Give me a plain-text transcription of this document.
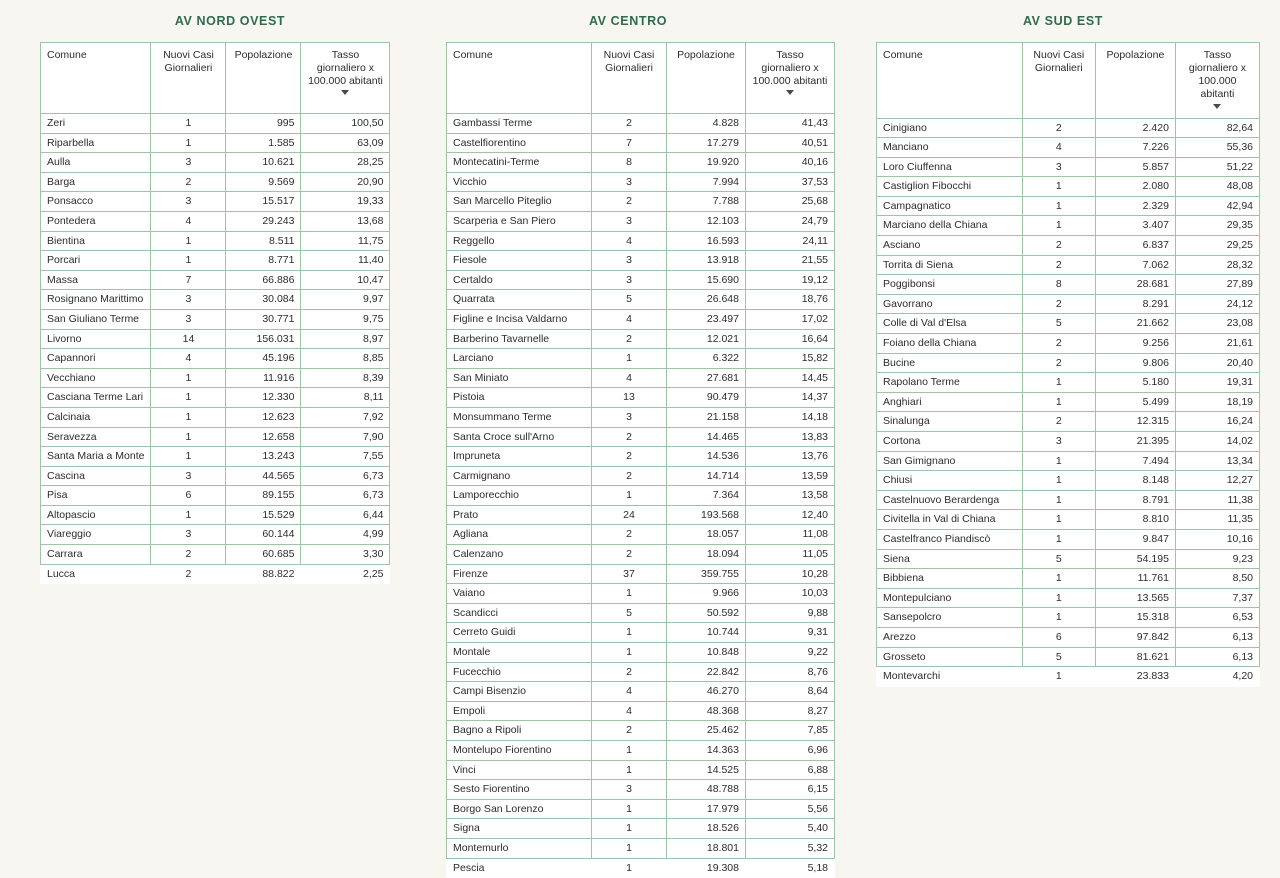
AV NORD OVEST
Comune	Nuovi Casi Giornalieri	Popolazione	Tasso giornaliero x 100.000 abitanti

Zeri	1	995	100,50
Riparbella	1	1.585	63,09
Aulla	3	10.621	28,25
Barga	2	9.569	20,90
Ponsacco	3	15.517	19,33
Pontedera	4	29.243	13,68
Bientina	1	8.511	11,75
Porcari	1	8.771	11,40
Massa	7	66.886	10,47
Rosignano Marittimo	3	30.084	9,97
San Giuliano Terme	3	30.771	9,75
Livorno	14	156.031	8,97
Capannori	4	45.196	8,85
Vecchiano	1	11.916	8,39
Casciana Terme Lari	1	12.330	8,11
Calcinaia	1	12.623	7,92
Seravezza	1	12.658	7,90
Santa Maria a Monte	1	13.243	7,55
Cascina	3	44.565	6,73
Pisa	6	89.155	6,73
Altopascio	1	15.529	6,44
Viareggio	3	60.144	4,99
Carrara	2	60.685	3,30
Lucca	2	88.822	2,25
AV CENTRO
Comune	Nuovi Casi Giornalieri	Popolazione	Tasso giornaliero x 100.000 abitanti

Gambassi Terme	2	4.828	41,43
Castelfiorentino	7	17.279	40,51
Montecatini-Terme	8	19.920	40,16
Vicchio	3	7.994	37,53
San Marcello Piteglio	2	7.788	25,68
Scarperia e San Piero	3	12.103	24,79
Reggello	4	16.593	24,11
Fiesole	3	13.918	21,55
Certaldo	3	15.690	19,12
Quarrata	5	26.648	18,76
Figline e Incisa Valdarno	4	23.497	17,02
Barberino Tavarnelle	2	12.021	16,64
Larciano	1	6.322	15,82
San Miniato	4	27.681	14,45
Pistoia	13	90.479	14,37
Monsummano Terme	3	21.158	14,18
Santa Croce sull'Arno	2	14.465	13,83
Impruneta	2	14.536	13,76
Carmignano	2	14.714	13,59
Lamporecchio	1	7.364	13,58
Prato	24	193.568	12,40
Agliana	2	18.057	11,08
Calenzano	2	18.094	11,05
Firenze	37	359.755	10,28
Vaiano	1	9.966	10,03
Scandicci	5	50.592	9,88
Cerreto Guidi	1	10.744	9,31
Montale	1	10.848	9,22
Fucecchio	2	22.842	8,76
Campi Bisenzio	4	46.270	8,64
Empoli	4	48.368	8,27
Bagno a Ripoli	2	25.462	7,85
Montelupo Fiorentino	1	14.363	6,96
Vinci	1	14.525	6,88
Sesto Fiorentino	3	48.788	6,15
Borgo San Lorenzo	1	17.979	5,56
Signa	1	18.526	5,40
Montemurlo	1	18.801	5,32
Pescia	1	19.308	5,18
AV SUD EST
Comune	Nuovi Casi Giornalieri	Popolazione	Tasso giornaliero x 100.000 abitanti

Cinigiano	2	2.420	82,64
Manciano	4	7.226	55,36
Loro Ciuffenna	3	5.857	51,22
Castiglion Fibocchi	1	2.080	48,08
Campagnatico	1	2.329	42,94
Marciano della Chiana	1	3.407	29,35
Asciano	2	6.837	29,25
Torrita di Siena	2	7.062	28,32
Poggibonsi	8	28.681	27,89
Gavorrano	2	8.291	24,12
Colle di Val d'Elsa	5	21.662	23,08
Foiano della Chiana	2	9.256	21,61
Bucine	2	9.806	20,40
Rapolano Terme	1	5.180	19,31
Anghiari	1	5.499	18,19
Sinalunga	2	12.315	16,24
Cortona	3	21.395	14,02
San Gimignano	1	7.494	13,34
Chiusi	1	8.148	12,27
Castelnuovo Berardenga	1	8.791	11,38
Civitella in Val di Chiana	1	8.810	11,35
Castelfranco Piandiscò	1	9.847	10,16
Siena	5	54.195	9,23
Bibbiena	1	11.761	8,50
Montepulciano	1	13.565	7,37
Sansepolcro	1	15.318	6,53
Arezzo	6	97.842	6,13
Grosseto	5	81.621	6,13
Montevarchi	1	23.833	4,20
